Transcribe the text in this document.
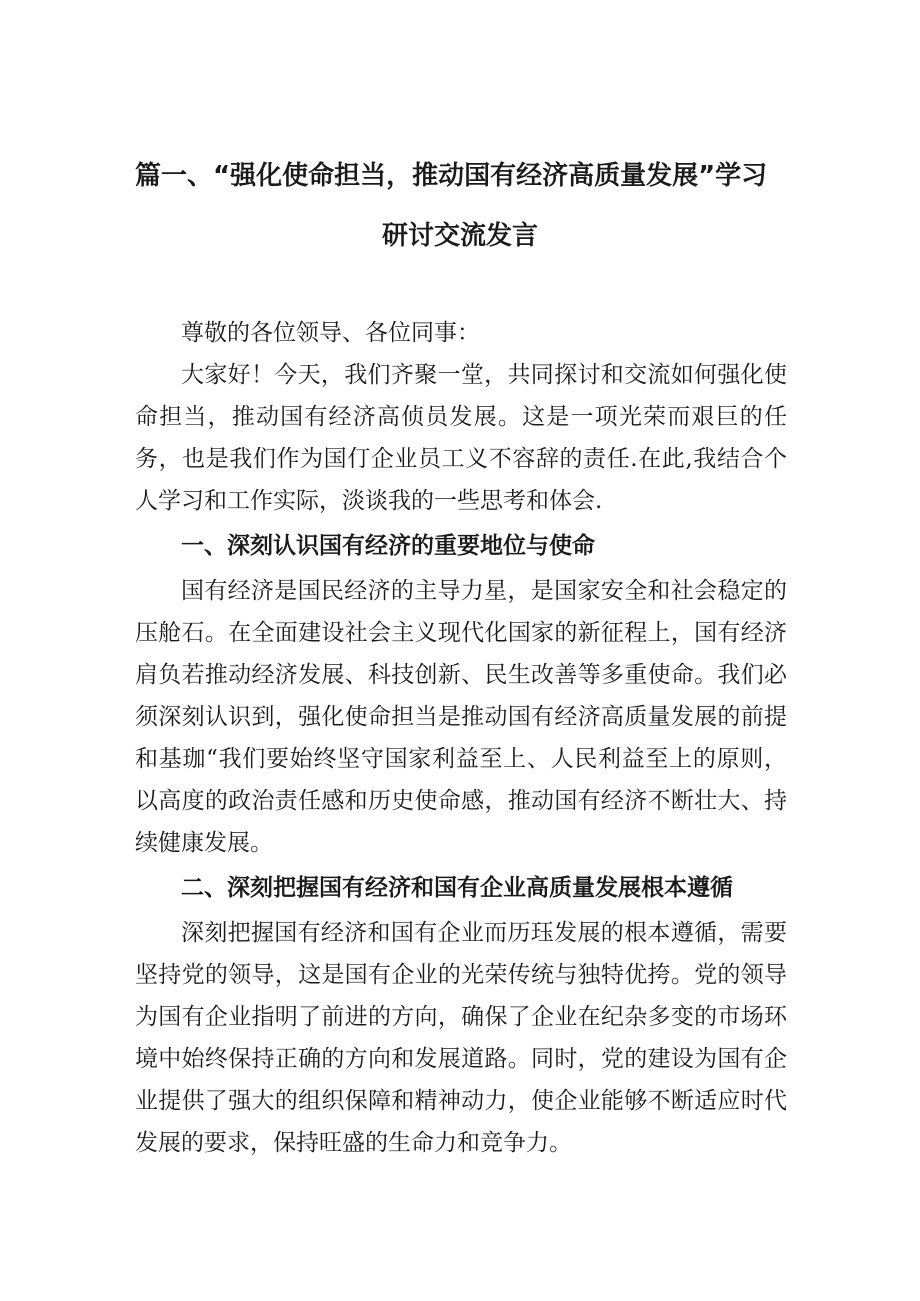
篇一、“强化使命担当，推动国有经济高质量发展”学习
研讨交流发言

尊敬的各位领导、各位同事：

大家好！今天，我们齐聚一堂，共同探讨和交流如何强化使命担当，推动国有经济高侦员发展。这是一项光荣而艰巨的任务，也是我们作为国仃企业员工义不容辞的责任.在此,我结合个人学习和工作实际，淡谈我的一些思考和体会.

一、深刻认识国有经济的重要地位与使命

国有经济是国民经济的主导力星，是国家安全和社会稳定的压舱石。在全面建设社会主义现代化国家的新征程上，国有经济肩负若推动经济发展、科技创新、民生改善等多重使命。我们必须深刻认识到，强化使命担当是推动国有经济高质量发展的前提和基珈“我们要始终坚守国家利益至上、人民利益至上的原则，以高度的政治责任感和历史使命感，推动国有经济不断壮大、持续健康发展。

二、深刻把握国有经济和国有企业高质量发展根本遵循

深刻把握国有经济和国有企业而历珏发展的根本遵循，需要坚持党的领导，这是国有企业的光荣传统与独特优挎。党的领导为国有企业指明了前进的方向，确保了企业在纪杂多变的市场环境中始终保持正确的方向和发展道路。同时，党的建设为国有企业提供了强大的组织保障和精神动力，使企业能够不断适应时代发展的要求，保持旺盛的生命力和竞争力。
